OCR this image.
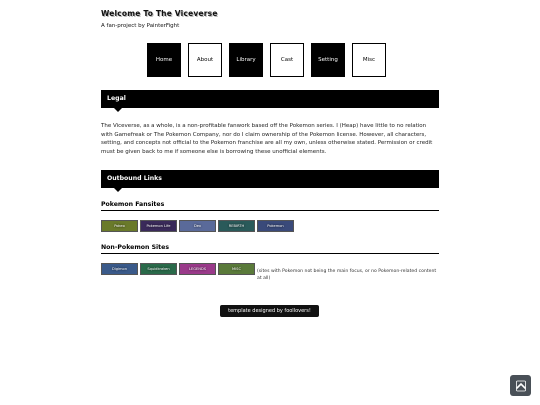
Welcome To The Viceverse
A fan-project by PainterFight
Home	About	Library	Cast	Setting	Misc
Legal
The Viceverse, as a whole, is a non-profitable fanwork based off the Pokemon series. I (Heap) have little to no relation with Gamefreak or The Pokemon Company, nor do I claim ownership of the Pokemon license. However, all characters, setting, and concepts not official to the Pokemon franchise are all my own, unless otherwise stated. Permission or credit must be given back to me if someone else is borrowing these unofficial elements.
Outbound Links
Pokemon Fansites
Pokeo	Pokemon Life	Dex	REBIRTH	Pokemon
Non-Pokemon Sites
Digimon	Squidkraken	LEGENDS	MISC	(sites with Pokemon not being the main focus, or no Pokemon-related content at all)
template designed by foollovers!
